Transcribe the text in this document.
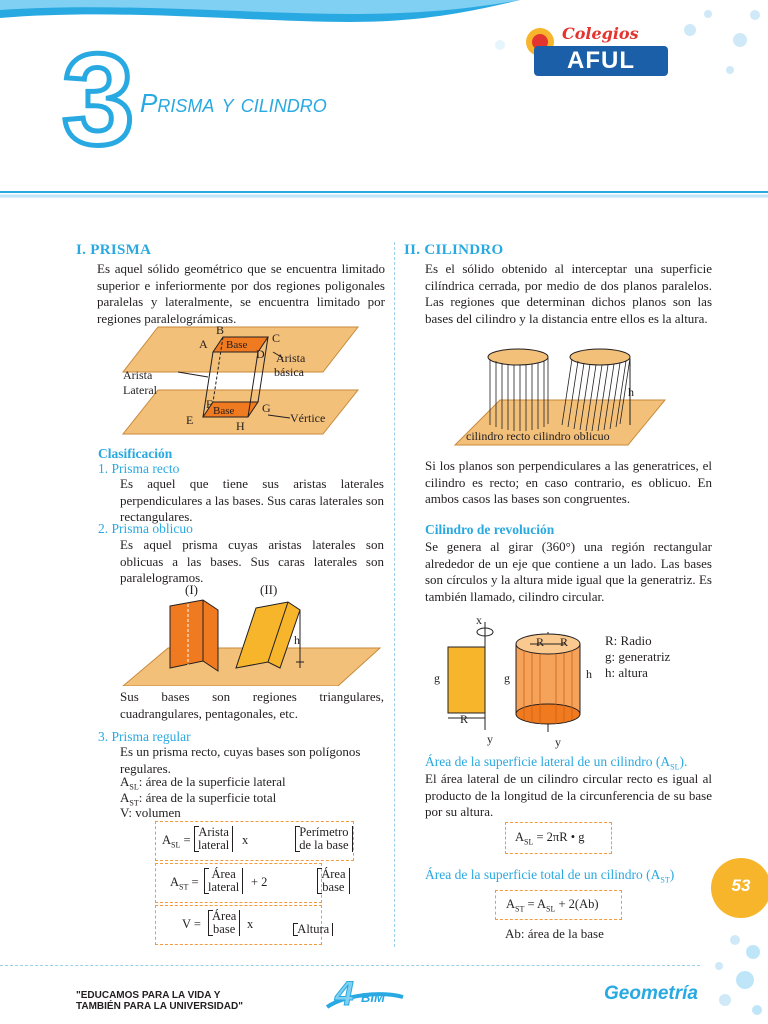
3 Prisma y cilindro
Colegios
AFUL
I. PRISMA
Es aquel sólido geométrico que se encuentra limitado superior e inferiormente por dos regiones poligonales paralelas y lateralmente, se encuentra limitado por regiones paralelográmicas.
B
A	C
D
Base
Arista
básica
Arista
Lateral
F Base G
E	H
Vértice
Clasificación
1. Prisma recto
Es aquel que tiene sus aristas laterales perpendiculares a las bases. Sus caras laterales son rectangulares.
2. Prisma oblicuo
Es aquel prisma cuyas aristas laterales son oblicuas a las bases. Sus caras laterales son paralelogramos.
(I)	(II)
h
Sus bases son regiones triangulares, cuadrangulares, pentagonales, etc.
3. Prisma regular
Es un prisma recto, cuyas bases son polígonos regulares.
$A_{SL}$: área de la superficie lateral
$A_{ST}$: área de la superficie total
V: volumen
$A_{SL}$ =
Arista
lateral
x
Perímetro
de la base
$A_{ST}$ =
Área
lateral
+ 2
Área
base
V =
Área
base
x	Altura
II. CILINDRO
Es el sólido obtenido al interceptar una superficie cilíndrica cerrada, por medio de dos planos paralelos. Las regiones que determinan dichos planos son las bases del cilindro y la distancia entre ellos es la altura.
h
cilindro recto cilindro oblicuo
Si los planos son perpendiculares a las generatrices, el cilindro es recto; en caso contrario, es oblicuo. En ambos casos las bases son congruentes.
Cilindro de revolución
Se genera al girar (360°) una región rectangular alrededor de un eje que contiene a un lado. Las bases son círculos y la altura mide igual que la generatriz. Es también llamado, cilindro circular.
x
g
R
y
R R
g	h
y
R: Radio
g: generatriz
h: altura
Área de la superficie lateral de un cilindro $(A_{SL})$.
El área lateral de un cilindro circular recto es igual al producto de la longitud de la circunferencia de su base por su altura.
$A_{SL} = 2\pi R$ • g
Área de la superficie total de un cilindro $(A_{ST})$
$A_{ST} = A_{SL} + 2(Ab)$
Ab: área de la base
53
"EDUCAMOS PARA LA VIDA Y
TAMBIÉN PARA LA UNIVERSIDAD"	4 BIM	Geometría
